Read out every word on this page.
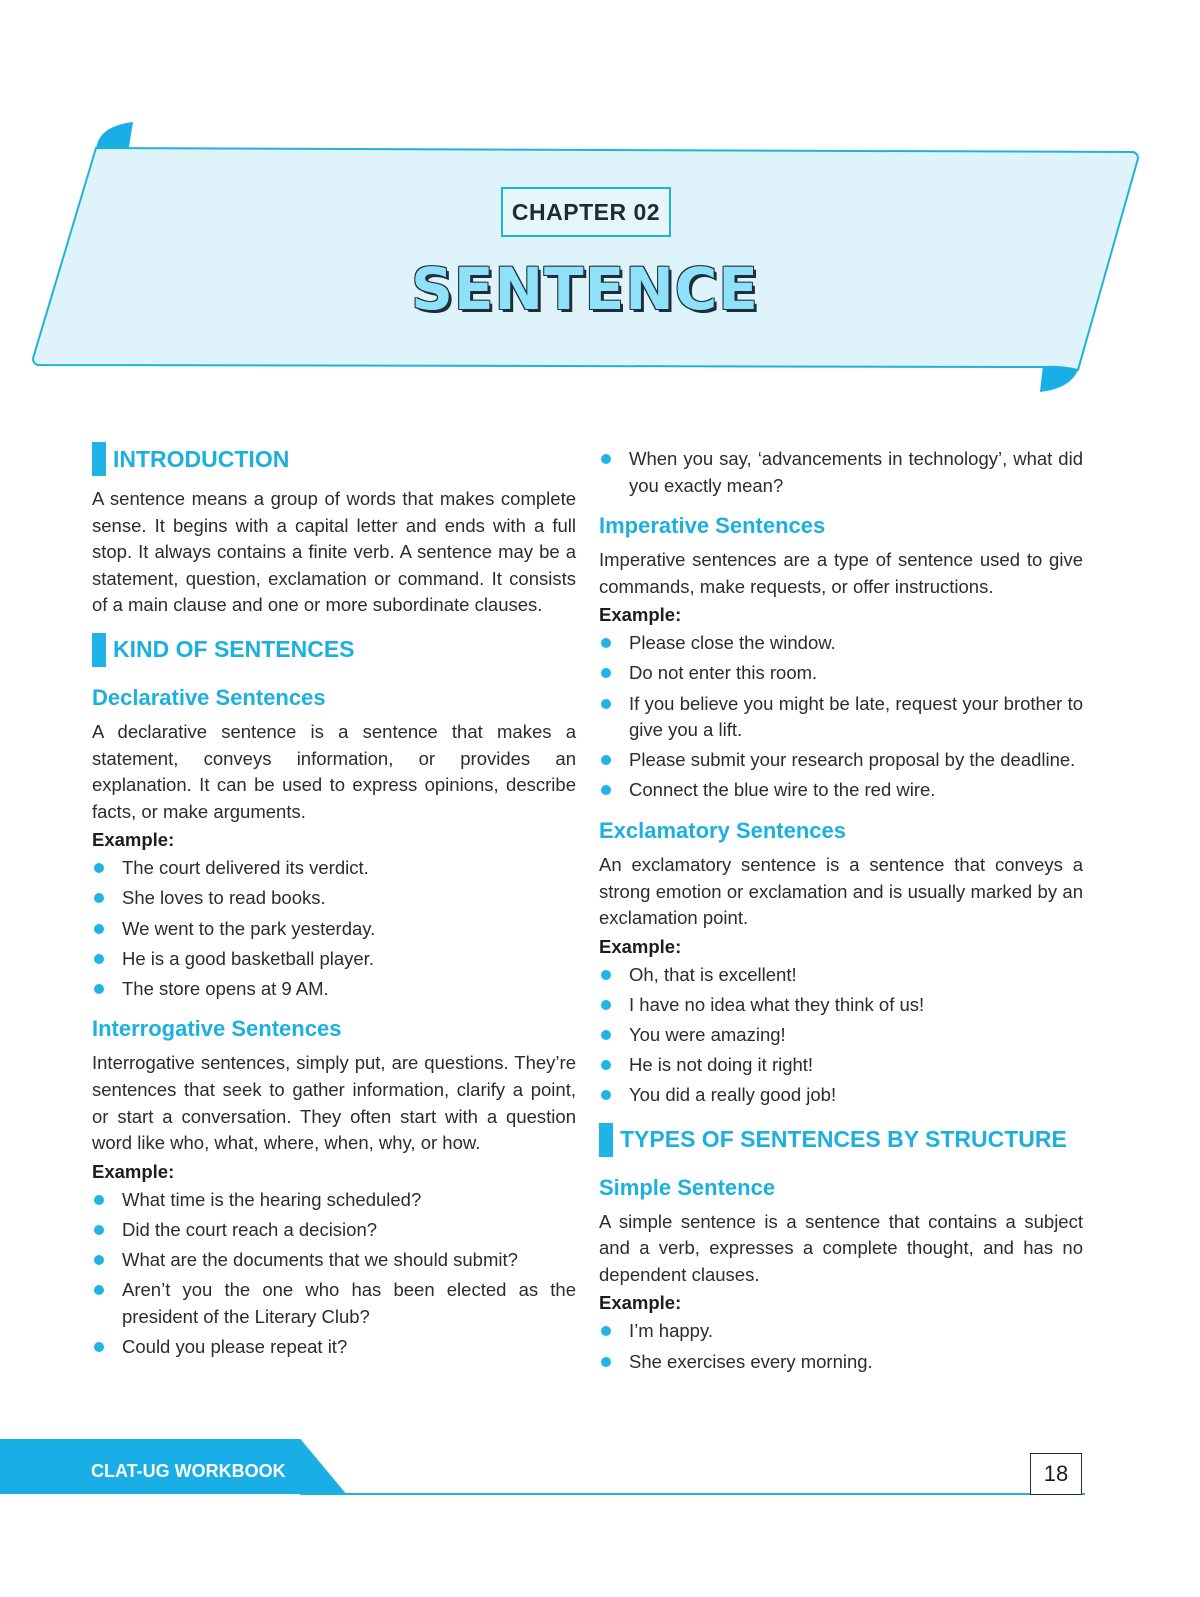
CHAPTER 02
SENTENCE
INTRODUCTION

A sentence means a group of words that makes complete sense. It begins with a capital letter and ends with a full stop. It always contains a finite verb. A sentence may be a statement, question, exclamation or command. It consists of a main clause and one or more subordinate clauses.

KIND OF SENTENCES
Declarative Sentences

A declarative sentence is a sentence that makes a statement, conveys information, or provides an explanation. It can be used to express opinions, describe facts, or make arguments.

Example:
The court delivered its verdict.
She loves to read books.
We went to the park yesterday.
He is a good basketball player.
The store opens at 9 AM.
Interrogative Sentences

Interrogative sentences, simply put, are questions. They’re sentences that seek to gather information, clarify a point, or start a conversation. They often start with a question word like who, what, where, when, why, or how.

Example:
What time is the hearing scheduled?
Did the court reach a decision?
What are the documents that we should submit?
Aren’t you the one who has been elected as the president of the Literary Club?
Could you please repeat it?
When you say, ‘advancements in technology’, what did you exactly mean?
Imperative Sentences

Imperative sentences are a type of sentence used to give commands, make requests, or offer instructions.

Example:
Please close the window.
Do not enter this room.
If you believe you might be late, request your brother to give you a lift.
Please submit your research proposal by the deadline.
Connect the blue wire to the red wire.
Exclamatory Sentences

An exclamatory sentence is a sentence that conveys a strong emotion or exclamation and is usually marked by an exclamation point.

Example:
Oh, that is excellent!
I have no idea what they think of us!
You were amazing!
He is not doing it right!
You did a really good job!
TYPES OF SENTENCES BY STRUCTURE
Simple Sentence

A simple sentence is a sentence that contains a subject and a verb, expresses a complete thought, and has no dependent clauses.

Example:
I’m happy.
She exercises every morning.
CLAT-UG WORKBOOK	18
